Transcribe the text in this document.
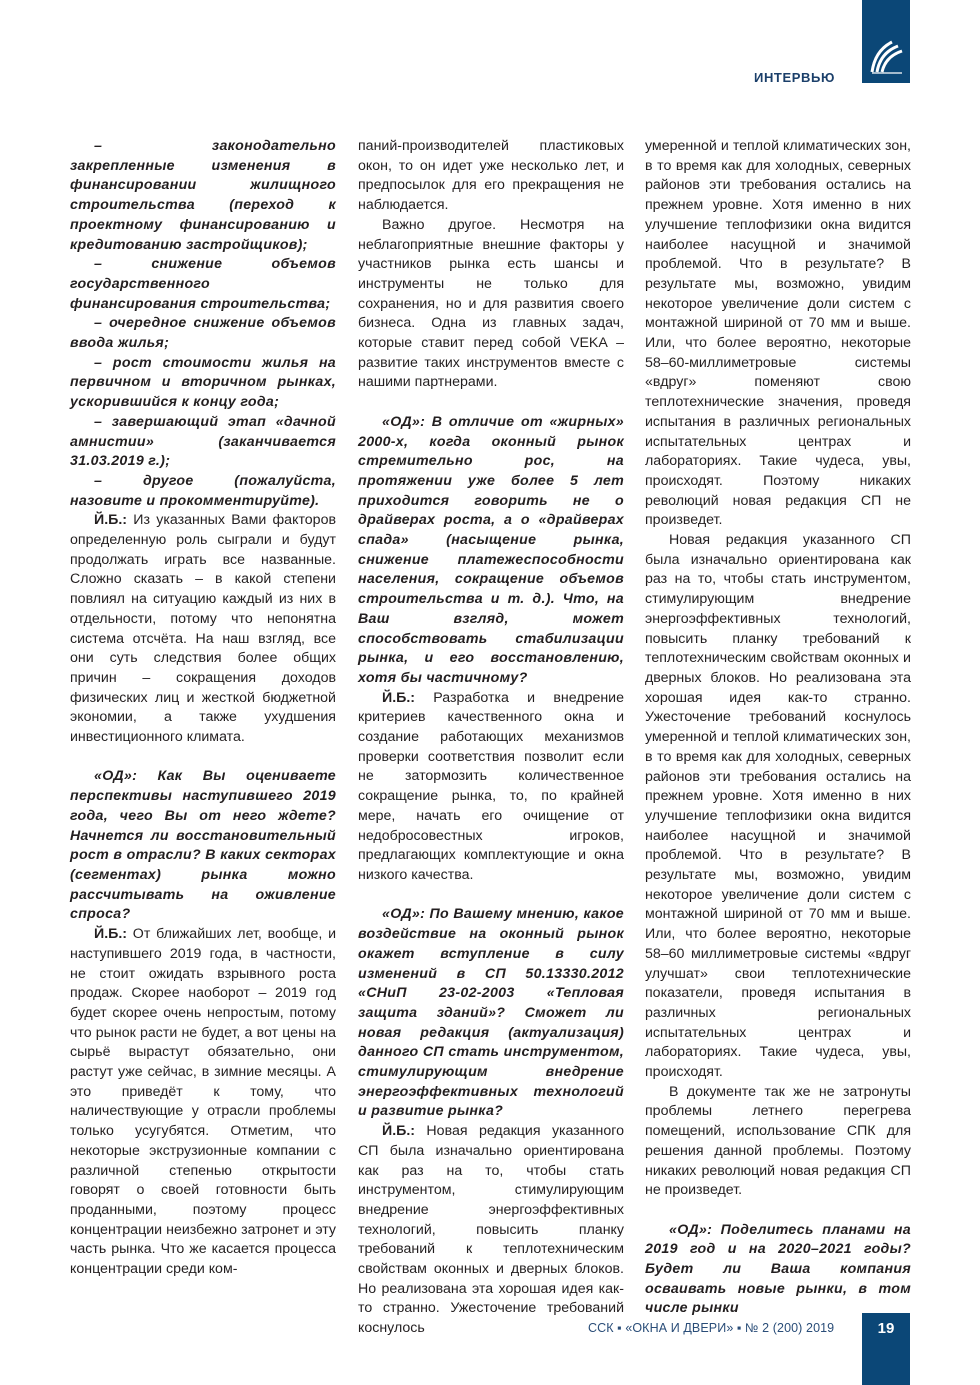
ИНТЕРВЬЮ

– законодательно закрепленные изменения в финансировании жилищного строительства (переход к проектному финансированию и кредитованию застройщиков);

– снижение объемов государственного финансирования строительства;

– очередное снижение объемов ввода жилья;

– рост стоимости жилья на первичном и вторичном рынках, ускорившийся к концу года;

– завершающий этап «дачной амнистии» (заканчивается 31.03.2019 г.);

– другое (пожалуйста, назовите и прокомментируйте).

Й.Б.: Из указанных Вами факторов определенную роль сыграли и будут продолжать играть все названные. Сложно сказать – в какой степени повлиял на ситуацию каждый из них в отдельности, потому что непонятна система отсчёта. На наш взгляд, все они суть следствия более общих причин – сокращения доходов физических лиц и жесткой бюджетной экономии, а также ухудшения инвестиционного климата.

«ОД»: Как Вы оцениваете перспективы наступившего 2019 года, чего Вы от него ждете? Начнется ли восстановительный рост в отрасли? В каких секторах (сегментах) рынка можно рассчитывать на оживление спроса?

Й.Б.: От ближайших лет, вообще, и наступившего 2019 года, в частности, не стоит ожидать взрывного роста продаж. Скорее наоборот – 2019 год будет скорее очень непростым, потому что рынок расти не будет, а вот цены на сырьё вырастут обязательно, они растут уже сейчас, в зимние месяцы. А это приведёт к тому, что наличествующие у отрасли проблемы только усугубятся. Отметим, что некоторые экструзионные компании с различной степенью открытости говорят о своей готовности быть проданными, поэтому процесс концентрации неизбежно затронет и эту часть рынка. Что же касается процесса концентрации среди ком-

паний-производителей пластиковых окон, то он идет уже несколько лет, и предпосылок для его прекращения не наблюдается.

Важно другое. Несмотря на неблагоприятные внешние факторы у участников рынка есть шансы и инструменты не только для сохранения, но и для развития своего бизнеса. Одна из главных задач, которые ставит перед собой VEKA – развитие таких инструментов вместе с нашими партнерами.

«ОД»: В отличие от «жирных» 2000-х, когда оконный рынок стремительно рос, на протяжении уже более 5 лет приходится говорить не о драйверах роста, а о «драйверах спада» (насыщение рынка, снижение платежеспособности населения, сокращение объемов строительства и т. д.). Что, на Ваш взгляд, может способствовать стабилизации рынка, и его восстановлению, хотя бы частичному?

Й.Б.: Разработка и внедрение критериев качественного окна и создание работающих механизмов проверки соответствия позволит если не затормозить количественное сокращение рынка, то, по крайней мере, начать его очищение от недобросовестных игроков, предлагающих комплектующие и окна низкого качества.

«ОД»: По Вашему мнению, какое воздействие на оконный рынок окажет вступление в силу изменений в СП 50.13330.2012 «СНиП 23-02-2003 «Тепловая защита зданий»? Сможет ли новая редакция (актуализация) данного СП стать инструментом, стимулирующим внедрение энергоэффективных технологий и развитие рынка?

Й.Б.: Новая редакция указанного СП была изначально ориентирована как раз на то, чтобы стать инструментом, стимулирующим внедрение энергоэффективных технологий, повысить планку требований к теплотехническим свойствам оконных и дверных блоков. Но реализована эта хорошая идея как-то странно. Ужесточение требований коснулось

умеренной и теплой климатических зон, в то время как для холодных, северных районов эти требования остались на прежнем уровне. Хотя именно в них улучшение теплофизики окна видится наиболее насущной и значимой проблемой. Что в результате? В результате мы, возможно, увидим некоторое увеличение доли систем с монтажной шириной от 70 мм и выше. Или, что более вероятно, некоторые 58–60-миллиметровые системы «вдруг» поменяют свою теплотехнические значения, проведя испытания в различных региональных испытательных центрах и лабораториях. Такие чудеса, увы, происходят. Поэтому никаких революций новая редакция СП не произведет.

Новая редакция указанного СП была изначально ориентирована как раз на то, чтобы стать инструментом, стимулирующим внедрение энергоэффективных технологий, повысить планку требований к теплотехническим свойствам оконных и дверных блоков. Но реализована эта хорошая идея как-то странно. Ужесточение требований коснулось умеренной и теплой климатических зон, в то время как для холодных, северных районов эти требования остались на прежнем уровне. Хотя именно в них улучшение теплофизики окна видится наиболее насущной и значимой проблемой. Что в результате? В результате мы, возможно, увидим некоторое увеличение доли систем с монтажной шириной от 70 мм и выше. Или, что более вероятно, некоторые 58–60 миллиметровые системы «вдруг улучшат» свои теплотехнические показатели, проведя испытания в различных региональных испытательных центрах и лабораториях. Такие чудеса, увы, происходят.

В документе так же не затронуты проблемы летнего перегрева помещений, использование СПК для решения данной проблемы. Поэтому никаких революций новая редакция СП не произведет.

«ОД»: Поделитесь планами на 2019 год и на 2020–2021 годы? Будет ли Ваша компания осваивать новые рынки, в том числе рынки

ССК ▪ «ОКНА И ДВЕРИ» ▪ № 2 (200) 2019	19
